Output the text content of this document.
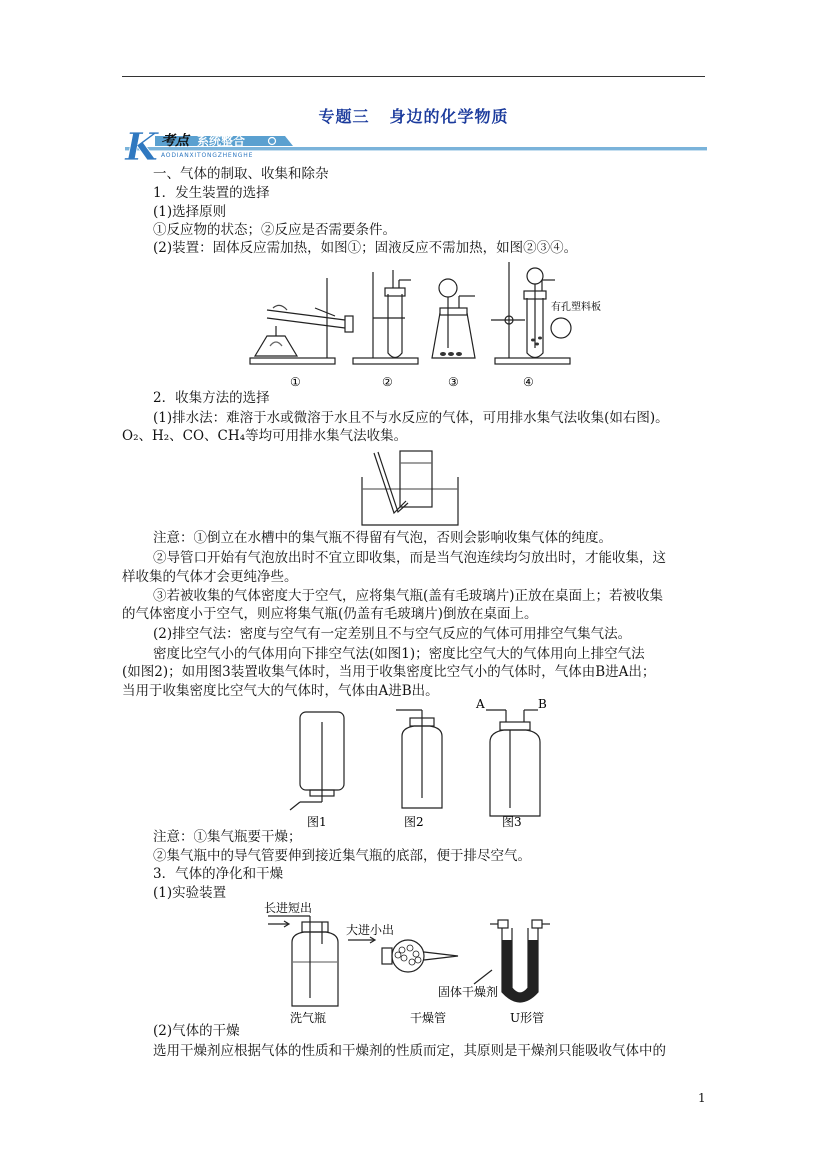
专题三 身边的化学物质
K 考点 系统整合
AODIANXITONGZHENGHE
一、气体的制取、收集和除杂
1．发生装置的选择
(1)选择原则
①反应物的状态；②反应是否需要条件。
(2)装置：固体反应需加热，如图①；固液反应不需加热，如图②③④。
有孔塑料板
①	②	③	④
2．收集方法的选择
(1)排水法：难溶于水或微溶于水且不与水反应的气体，可用排水集气法收集(如右图)。
O₂、H₂、CO、CH₄等均可用排水集气法收集。
注意：①倒立在水槽中的集气瓶不得留有气泡，否则会影响收集气体的纯度。
②导管口开始有气泡放出时不宜立即收集，而是当气泡连续均匀放出时，才能收集，这
样收集的气体才会更纯净些。
③若被收集的气体密度大于空气，应将集气瓶(盖有毛玻璃片)正放在桌面上；若被收集
的气体密度小于空气，则应将集气瓶(仍盖有毛玻璃片)倒放在桌面上。
(2)排空气法：密度与空气有一定差别且不与空气反应的气体可用排空气集气法。
密度比空气小的气体用向下排空气法(如图1)；密度比空气大的气体用向上排空气法
(如图2)；如用图3装置收集气体时，当用于收集密度比空气小的气体时，气体由B进A出；
当用于收集密度比空气大的气体时，气体由A进B出。
A	B
图1	图2	图3
注意：①集气瓶要干燥；
②集气瓶中的导气管要伸到接近集气瓶的底部，便于排尽空气。
3．气体的净化和干燥
(1)实验装置
长进短出
大进小出
固体干燥剂
洗气瓶	干燥管	U形管
(2)气体的干燥
选用干燥剂应根据气体的性质和干燥剂的性质而定，其原则是干燥剂只能吸收气体中的
1
